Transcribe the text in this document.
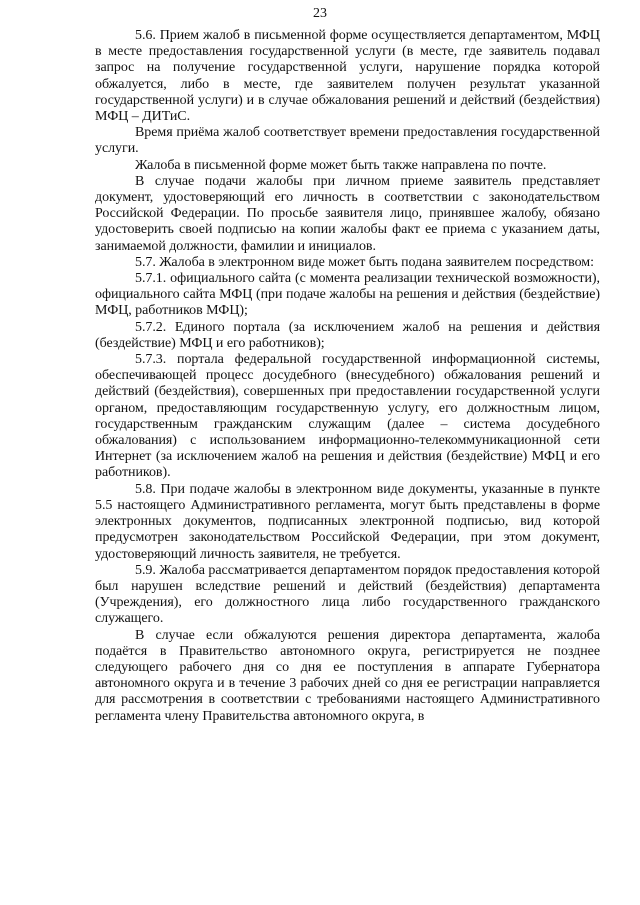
23

5.6. Прием жалоб в письменной форме осуществляется департаментом, МФЦ в месте предоставления государственной услуги (в месте, где заявитель подавал запрос на получение государственной услуги, нарушение порядка которой обжалуется, либо в месте, где заявителем получен результат указанной государственной услуги) и в случае обжалования решений и действий (бездействия) МФЦ – ДИТиС.

Время приёма жалоб соответствует времени предоставления государственной услуги.

Жалоба в письменной форме может быть также направлена по почте.

В случае подачи жалобы при личном приеме заявитель представляет документ, удостоверяющий его личность в соответствии с законодательством Российской Федерации. По просьбе заявителя лицо, принявшее жалобу, обязано удостоверить своей подписью на копии жалобы факт ее приема с указанием даты, занимаемой должности, фамилии и инициалов.

5.7. Жалоба в электронном виде может быть подана заявителем посредством:

5.7.1. официального сайта (с момента реализации технической возможности), официального сайта МФЦ (при подаче жалобы на решения и действия (бездействие) МФЦ, работников МФЦ);

5.7.2. Единого портала (за исключением жалоб на решения и действия (бездействие) МФЦ и его работников);

5.7.3. портала федеральной государственной информационной системы, обеспечивающей процесс досудебного (внесудебного) обжалования решений и действий (бездействия), совершенных при предоставлении государственной услуги органом, предоставляющим государственную услугу, его должностным лицом, государственным гражданским служащим (далее – система досудебного обжалования) с использованием информационно-телекоммуникационной сети Интернет (за исключением жалоб на решения и действия (бездействие) МФЦ и его работников).

5.8. При подаче жалобы в электронном виде документы, указанные в пункте 5.5 настоящего Административного регламента, могут быть представлены в форме электронных документов, подписанных электронной подписью, вид которой предусмотрен законодательством Российской Федерации, при этом документ, удостоверяющий личность заявителя, не требуется.

5.9. Жалоба рассматривается департаментом порядок предоставления которой был нарушен вследствие решений и действий (бездействия) департамента (Учреждения), его должностного лица либо государственного гражданского служащего.

В случае если обжалуются решения директора департамента, жалоба подаётся в Правительство автономного округа, регистрируется не позднее следующего рабочего дня со дня ее поступления в аппарате Губернатора автономного округа и в течение 3 рабочих дней со дня ее регистрации направляется для рассмотрения в соответствии с требованиями настоящего Административного регламента члену Правительства автономного округа, в
